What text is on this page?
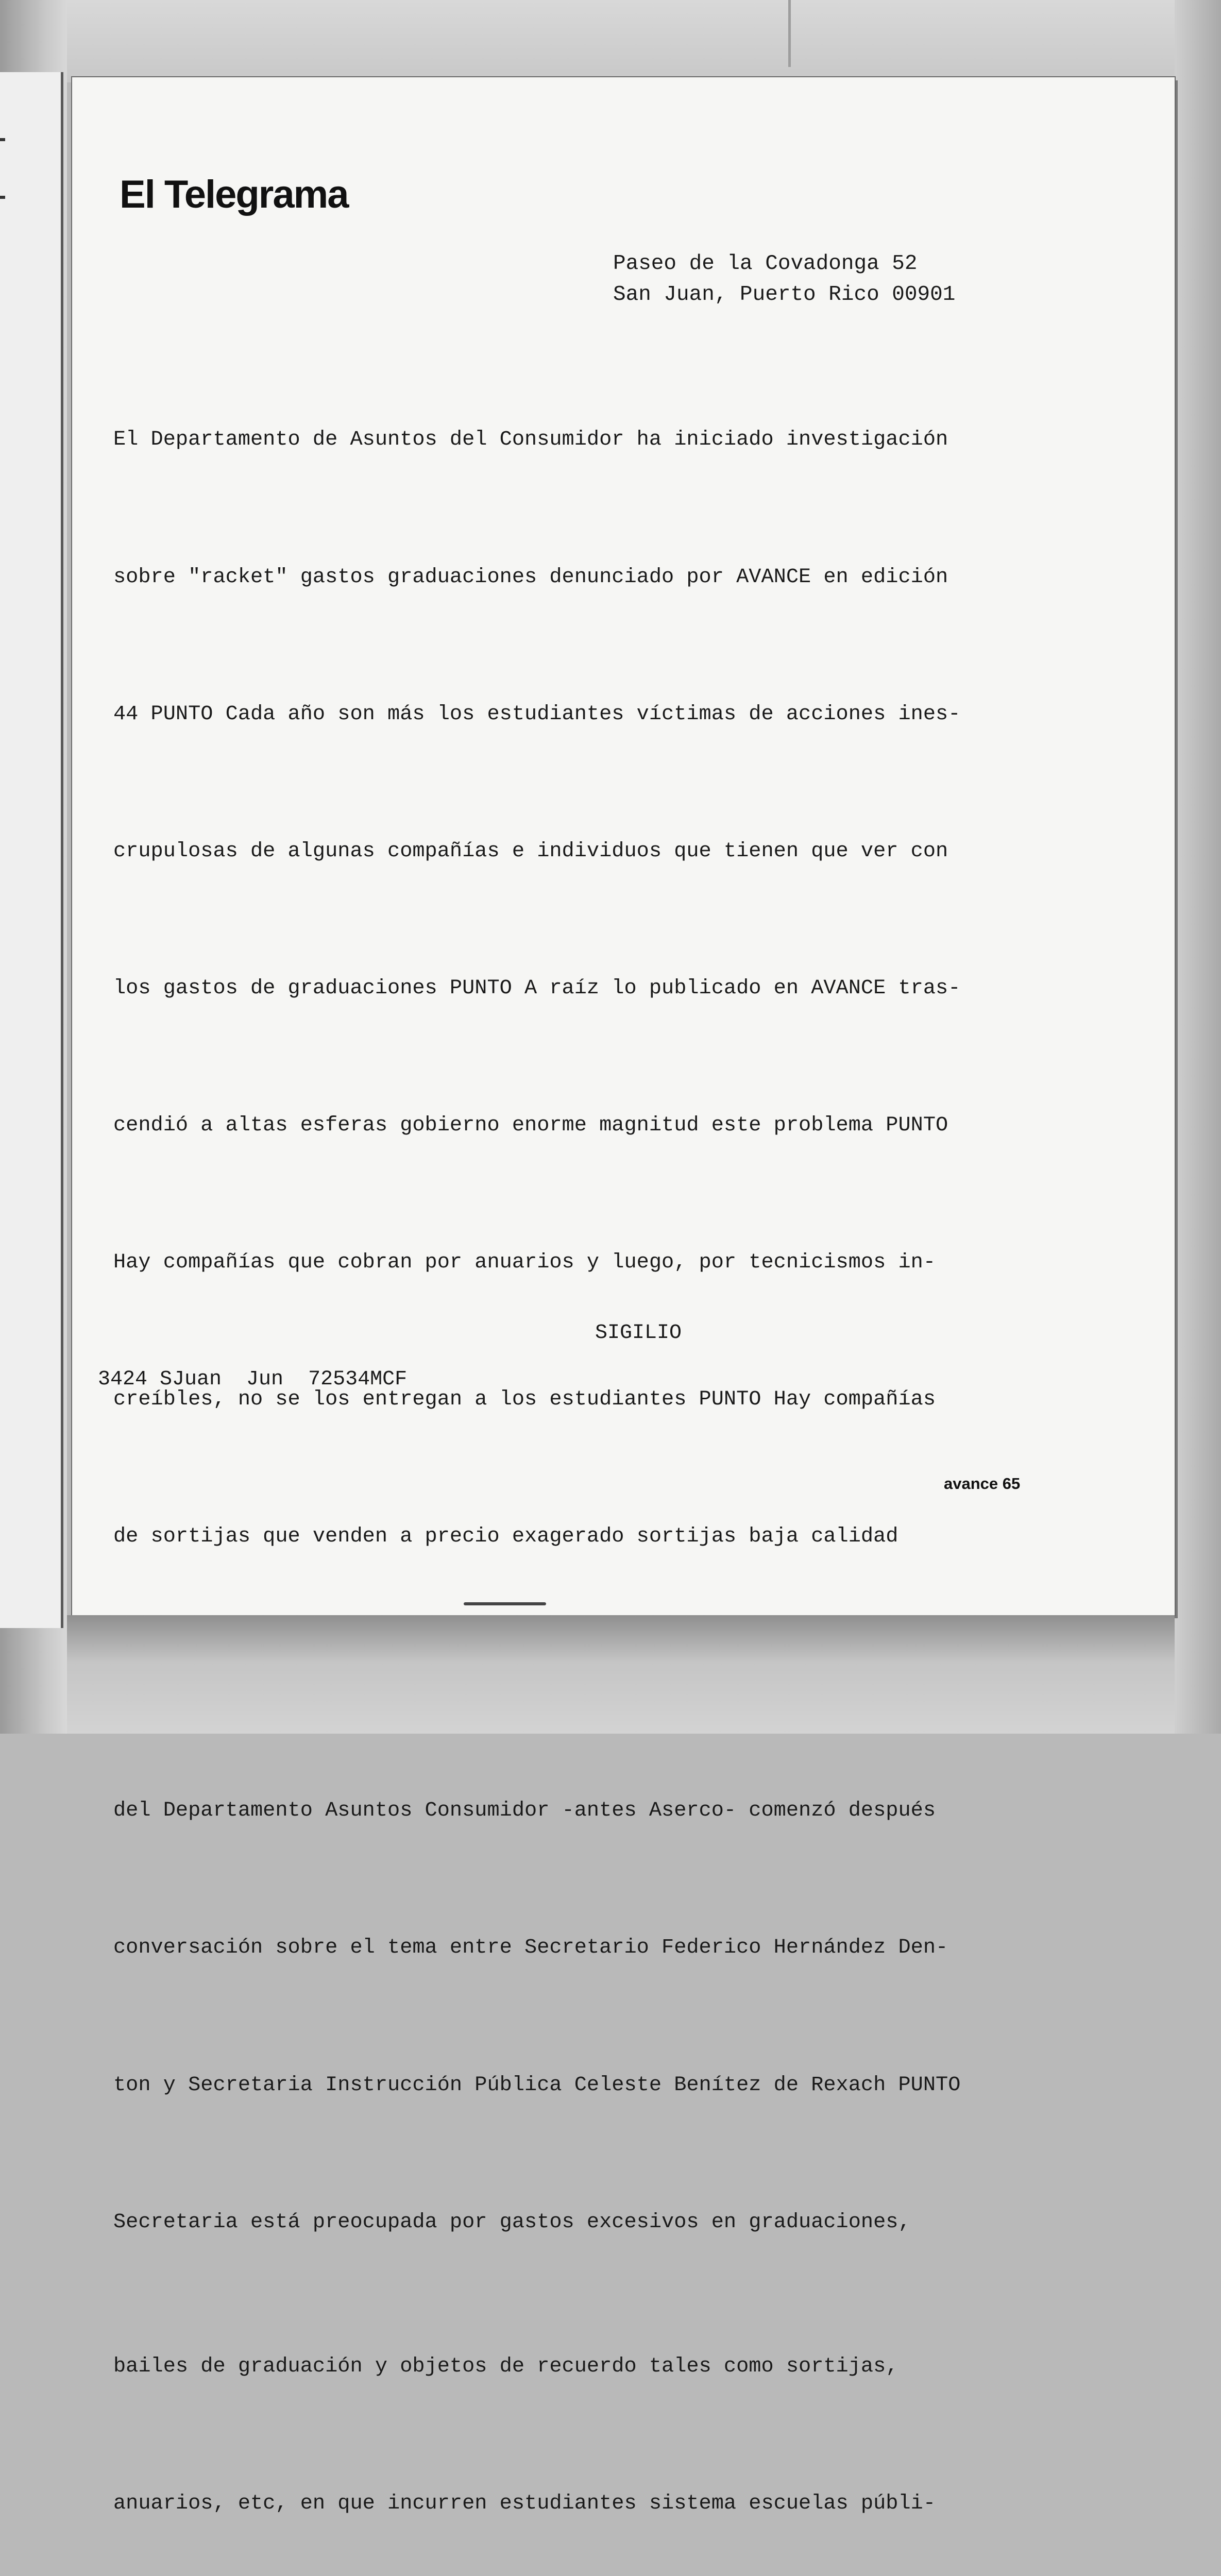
El Telegrama
Paseo de la Covadonga 52
San Juan, Puerto Rico 00901

El Departamento de Asuntos del Consumidor ha iniciado investigación

sobre "racket" gastos graduaciones denunciado por AVANCE en edición

44 PUNTO Cada año son más los estudiantes víctimas de acciones ines-

crupulosas de algunas compañías e individuos que tienen que ver con

los gastos de graduaciones PUNTO A raíz lo publicado en AVANCE tras-

cendió a altas esferas gobierno enorme magnitud este problema PUNTO

Hay compañías que cobran por anuarios y luego, por tecnicismos in-

creíbles, no se los entregan a los estudiantes PUNTO Hay compañías

de sortijas que venden a precio exagerado sortijas baja calidad

del Departamento Asuntos Consumidor -antes Aserco- comenzó después

conversación sobre el tema entre Secretario Federico Hernández Den-

ton y Secretaria Instrucción Pública Celeste Benítez de Rexach PUNTO

Secretaria está preocupada por gastos excesivos en graduaciones,

bailes de graduación y objetos de recuerdo tales como sortijas,

anuarios, etc, en que incurren estudiantes sistema escuelas públi-

SIGILIO
3424 SJuan  Jun  72534MCF
avance 65
